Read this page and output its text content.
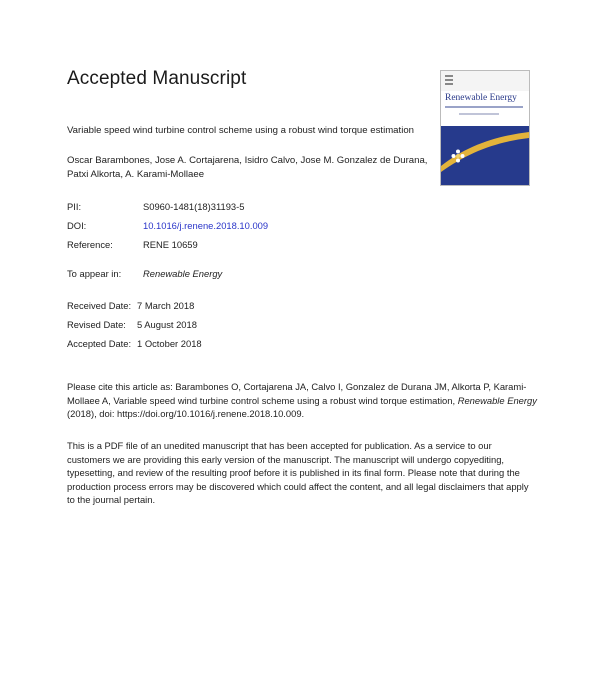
Accepted Manuscript
Renewable Energy
Variable speed wind turbine control scheme using a robust wind torque estimation
Oscar Barambones, Jose A. Cortajarena, Isidro Calvo, Jose M. Gonzalez de Durana, Patxi Alkorta, A. Karami-Mollaee
PII:	S0960-1481(18)31193-5
DOI:	10.1016/j.renene.2018.10.009
Reference:	RENE 10659
To appear in: Renewable Energy
Received Date: 7 March 2018
Revised Date: 5 August 2018
Accepted Date: 1 October 2018
Please cite this article as: Barambones O, Cortajarena JA, Calvo I, Gonzalez de Durana JM, Alkorta P, Karami-Mollaee A, Variable speed wind turbine control scheme using a robust wind torque estimation, Renewable Energy (2018), doi: https://doi.org/10.1016/j.renene.2018.10.009.
This is a PDF file of an unedited manuscript that has been accepted for publication. As a service to our customers we are providing this early version of the manuscript. The manuscript will undergo copyediting, typesetting, and review of the resulting proof before it is published in its final form. Please note that during the production process errors may be discovered which could affect the content, and all legal disclaimers that apply to the journal pertain.
